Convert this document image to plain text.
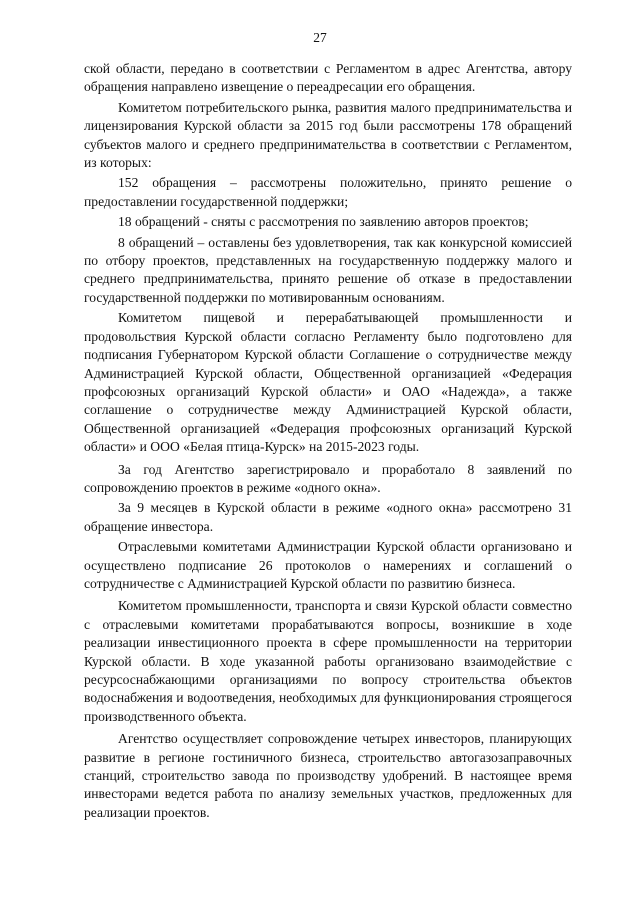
27

ской области, передано в соответствии с Регламентом в адрес Агентства, автору обращения направлено извещение о переадресации его обращения.

Комитетом потребительского рынка, развития малого предпринимательства и лицензирования Курской области за 2015 год были рассмотрены 178 обращений субъектов малого и среднего предпринимательства в соответствии с Регламентом, из которых:

152 обращения – рассмотрены положительно, принято решение о предоставлении государственной поддержки;

18 обращений - сняты с рассмотрения по заявлению авторов проектов;

8 обращений – оставлены без удовлетворения, так как конкурсной комиссией по отбору проектов, представленных на государственную поддержку малого и среднего предпринимательства, принято решение об отказе в предоставлении государственной поддержки по мотивированным основаниям.

Комитетом пищевой и перерабатывающей промышленности и продовольствия Курской области согласно Регламенту было подготовлено для подписания Губернатором Курской области Соглашение о сотрудничестве между Администрацией Курской области, Общественной организацией «Федерация профсоюзных организаций Курской области» и ОАО «Надежда», а также соглашение о сотрудничестве между Администрацией Курской области, Общественной организацией «Федерация профсоюзных организаций Курской области» и ООО «Белая птица-Курск» на 2015-2023 годы.

За год Агентство зарегистрировало и проработало 8 заявлений по сопровождению проектов в режиме «одного окна».

За 9 месяцев в Курской области в режиме «одного окна» рассмотрено 31 обращение инвестора.

Отраслевыми комитетами Администрации Курской области организовано и осуществлено подписание 26 протоколов о намерениях и соглашений о сотрудничестве с Администрацией Курской области по развитию бизнеса.

Комитетом промышленности, транспорта и связи Курской области совместно с отраслевыми комитетами прорабатываются вопросы, возникшие в ходе реализации инвестиционного проекта в сфере промышленности на территории Курской области. В ходе указанной работы организовано взаимодействие с ресурсоснабжающими организациями по вопросу строительства объектов водоснабжения и водоотведения, необходимых для функционирования строящегося производственного объекта.

Агентство осуществляет сопровождение четырех инвесторов, планирующих развитие в регионе гостиничного бизнеса, строительство автогазозаправочных станций, строительство завода по производству удобрений. В настоящее время инвесторами ведется работа по анализу земельных участков, предложенных для реализации проектов.
